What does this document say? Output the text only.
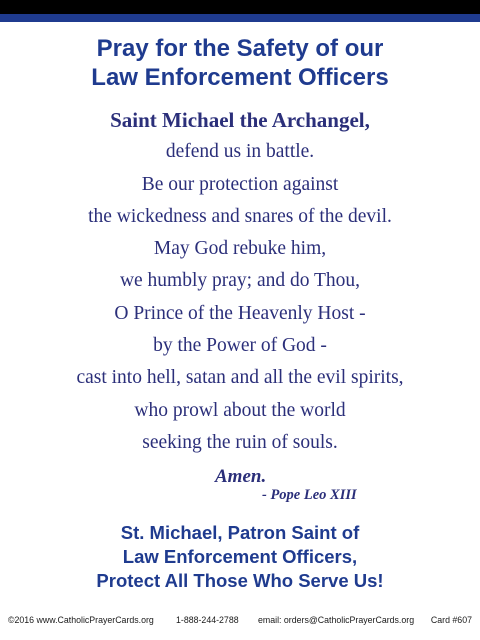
Pray for the Safety of our
Law Enforcement Officers
Saint Michael the Archangel,
defend us in battle.
Be our protection against
the wickedness and snares of the devil.
May God rebuke him,
we humbly pray; and do Thou,
O Prince of the Heavenly Host -
by the Power of God -
cast into hell, satan and all the evil spirits,
who prowl about the world
seeking the ruin of souls.
Amen.
- Pope Leo XIII
St. Michael, Patron Saint of
Law Enforcement Officers,
Protect All Those Who Serve Us!
©2016 www.CatholicPrayerCards.org	1-888-244-2788 email: orders@CatholicPrayerCards.org Card #607
